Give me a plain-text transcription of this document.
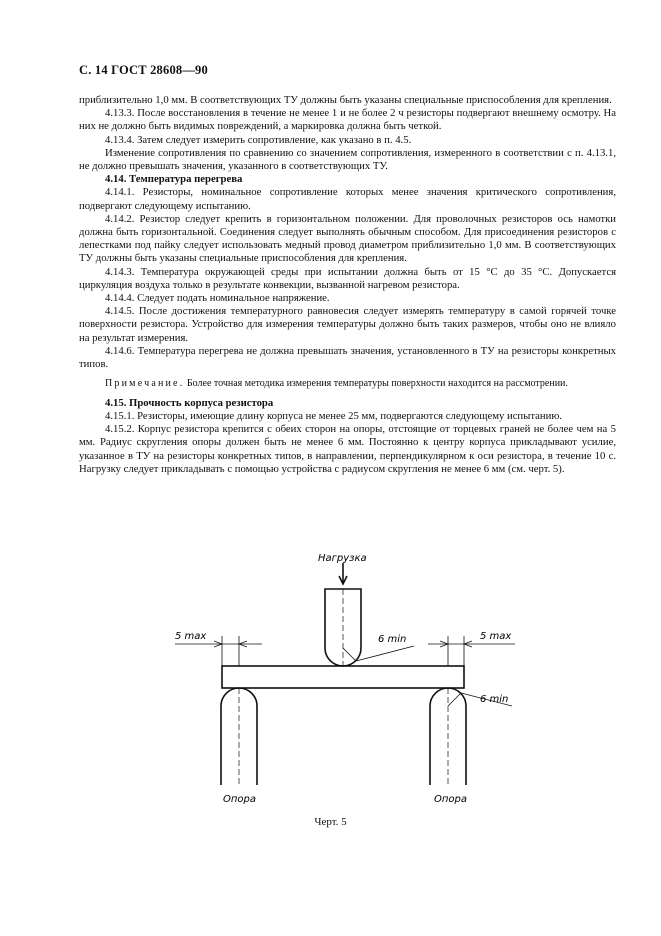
С. 14 ГОСТ 28608—90

приблизительно 1,0 мм. В соответствующих ТУ должны быть указаны специальные приспособления для крепления.

4.13.3. После восстановления в течение не менее 1 и не более 2 ч резисторы подвергают внешнему осмотру. На них не должно быть видимых повреждений, а маркировка должна быть четкой.

4.13.4. Затем следует измерить сопротивление, как указано в п. 4.5.

Изменение сопротивления по сравнению со значением сопротивления, измеренного в соответствии с п. 4.13.1, не должно превышать значения, указанного в соответствующих ТУ.

4.14. Температура перегрева

4.14.1. Резисторы, номинальное сопротивление которых менее значения критического сопротивления, подвергают следующему испытанию.

4.14.2. Резистор следует крепить в горизонтальном положении. Для проволочных резисторов ось намотки должна быть горизонтальной. Соединения следует выполнять обычным способом. Для присоединения резисторов с лепестками под пайку следует использовать медный провод диаметром приблизительно 1,0 мм. В соответствующих ТУ должны быть указаны специальные приспособления для крепления.

4.14.3. Температура окружающей среды при испытании должна быть от 15 °С до 35 °С. Допускается циркуляция воздуха только в результате конвекции, вызванной нагревом резистора.

4.14.4. Следует подать номинальное напряжение.

4.14.5. После достижения температурного равновесия следует измерять температуру в самой горячей точке поверхности резистора. Устройство для измерения температуры должно быть таких размеров, чтобы оно не влияло на результат измерения.

4.14.6. Температура перегрева не должна превышать значения, установленного в ТУ на резисторы конкретных типов.

Примечание. Более точная методика измерения температуры поверхности находится на рассмотрении.

4.15. Прочность корпуса резистора

4.15.1. Резисторы, имеющие длину корпуса не менее 25 мм, подвергаются следующему испытанию.

4.15.2. Корпус резистора крепится с обеих сторон на опоры, отстоящие от торцевых граней не более чем на 5 мм. Радиус скругления опоры должен быть не менее 6 мм. Постоянно к центру корпуса прикладывают усилие, указанное в ТУ на резисторы конкретных типов, в направлении, перпендикулярном к оси резистора, в течение 10 с. Нагрузку следует прикладывать с помощью устройства с радиусом скругления не менее 6 мм (см. черт. 5).

Нагрузка
5 max	5 max
6 min
6 min
Опора	Опора
Черт. 5
